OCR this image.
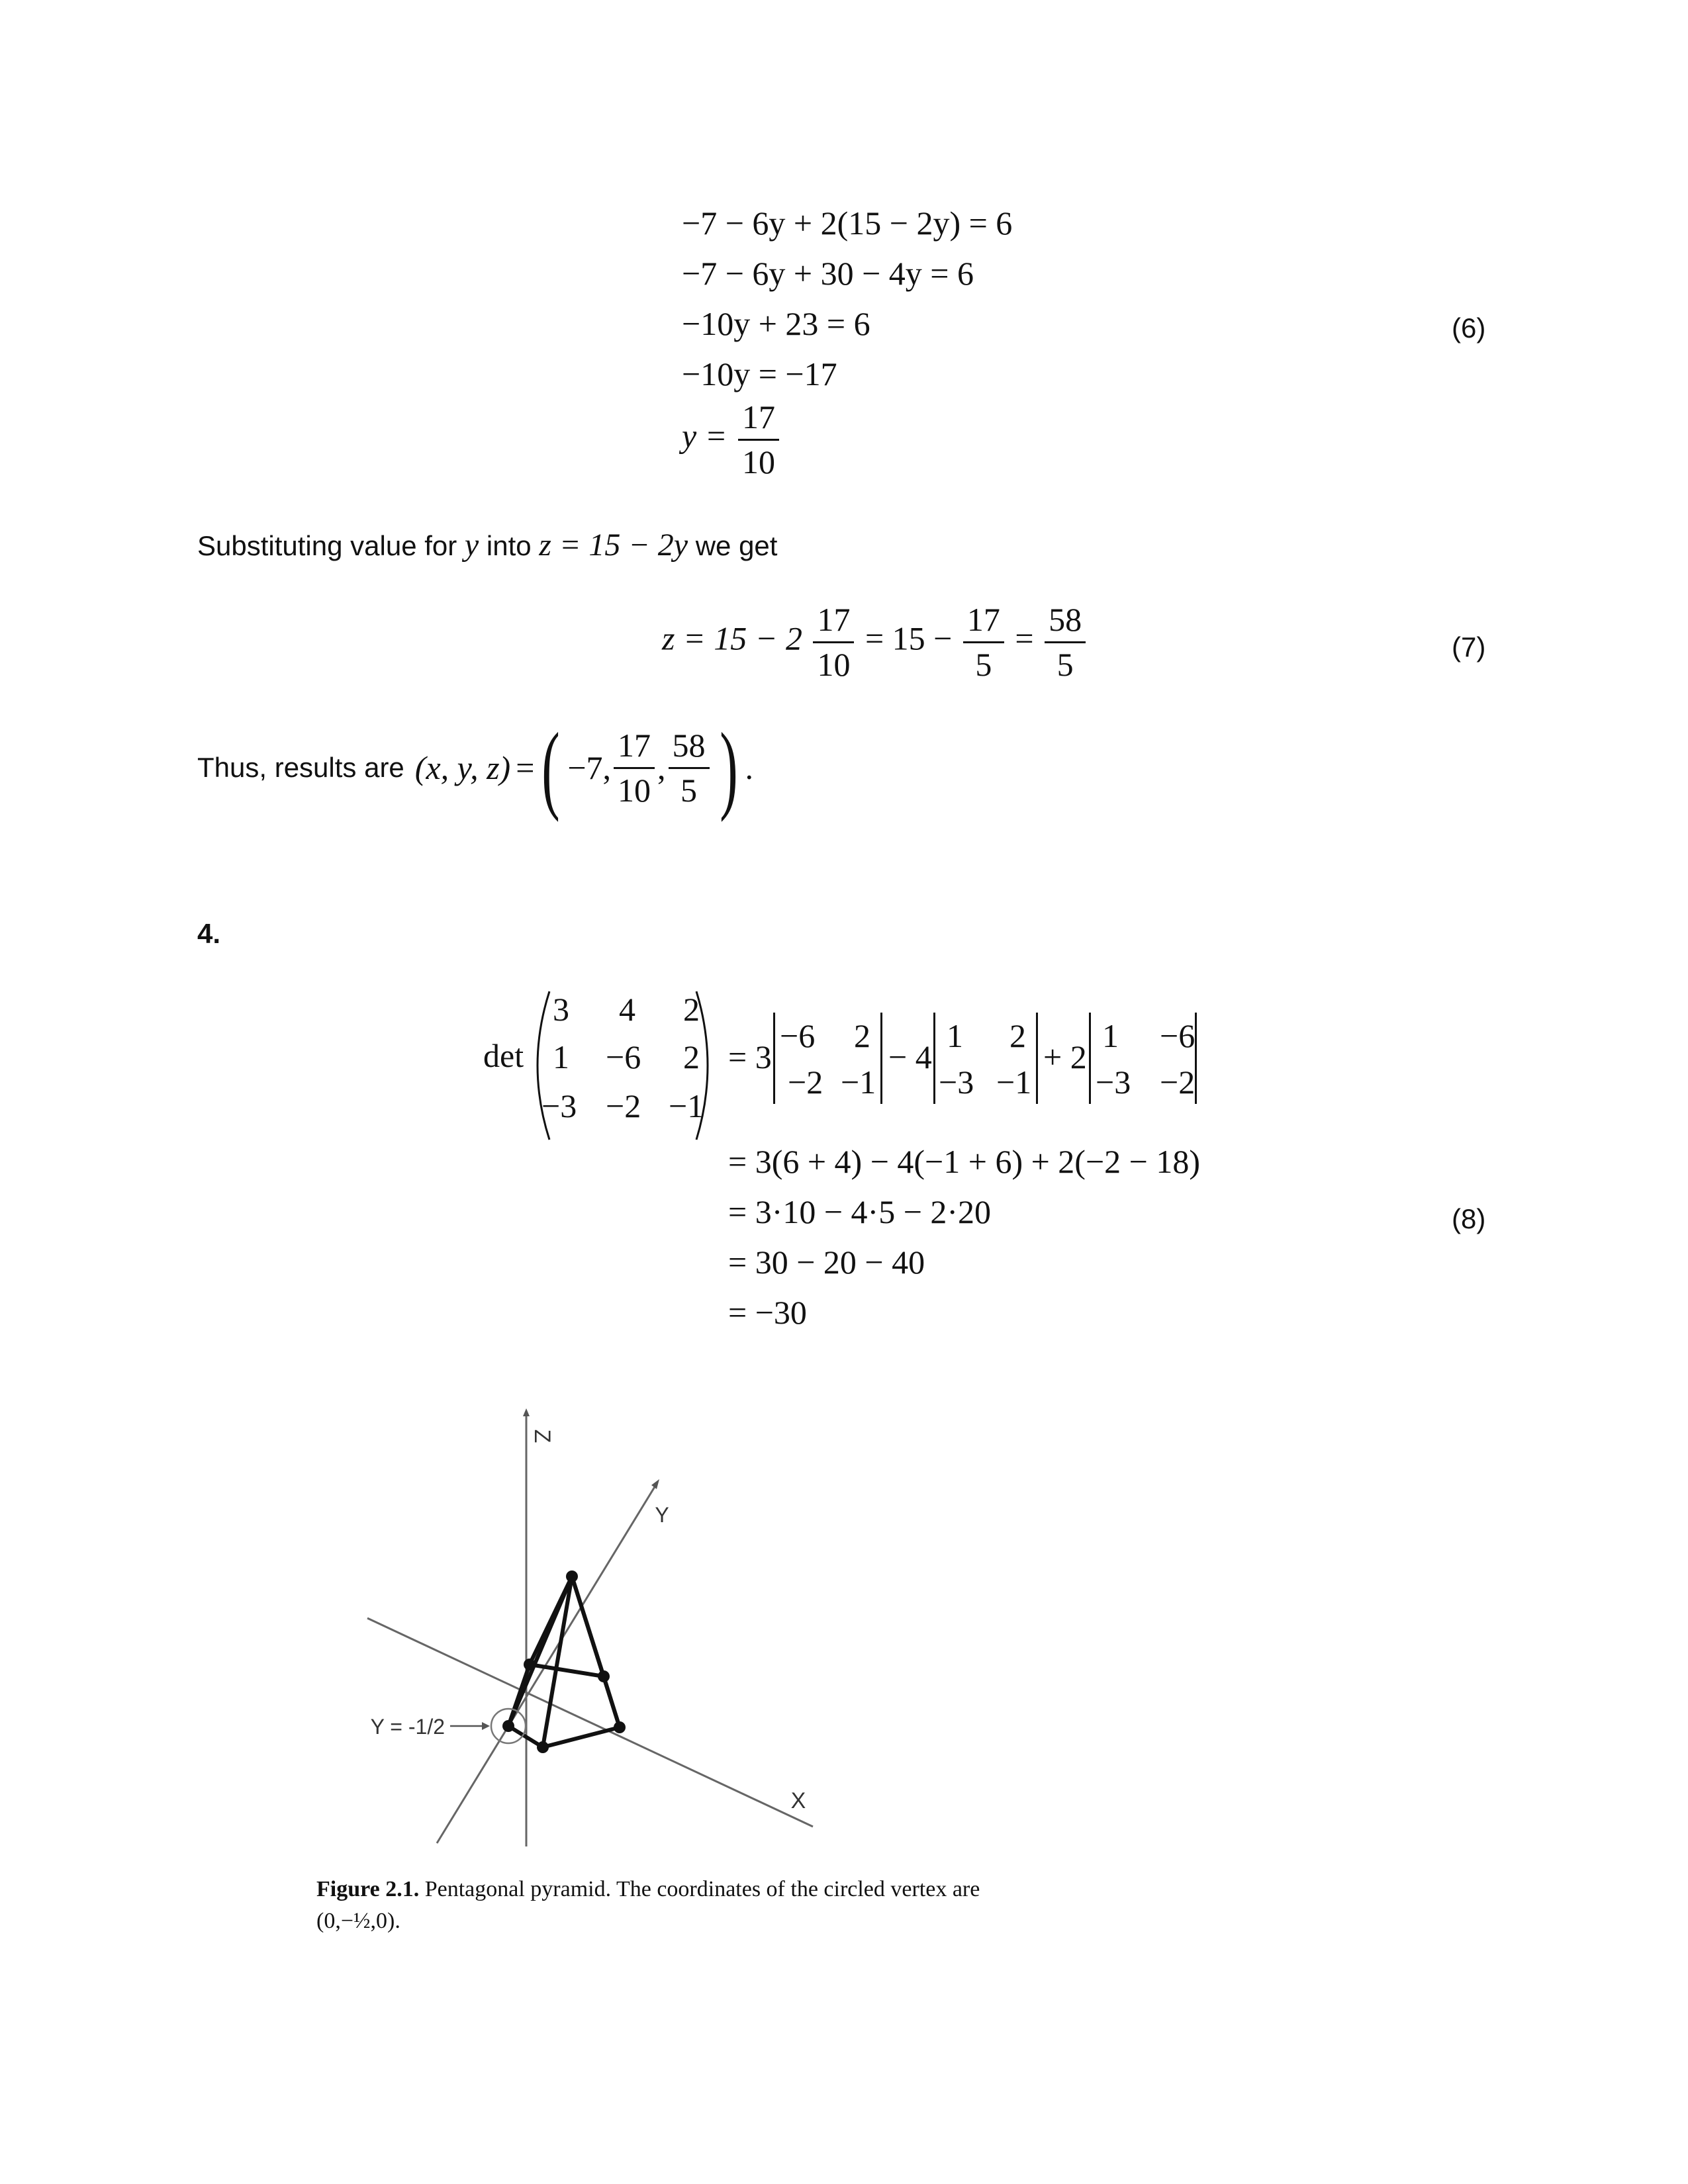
−7 − 6y + 2(15 − 2y) = 6
−7 − 6y + 30 − 4y = 6
−10y + 23 = 6
−10y = −17
$y = \frac{17}{10}$
(6)
Substituting value for y into z = 15 − 2y we get
$z = 15 - 2 \frac{17}{10} = 15 - \frac{17}{5} = \frac{58}{5}$	(7)
Thus, results are (x, y, z) = ( −7, $\frac{17}{10}$ , $\frac{58}{5}$ ) .
4.
det
3 4 2
1 −6 2
−3 −2 −1
= 3
−6 2
−2 −1
− 4
1 2
−3 −1
+ 2
1 −6
−3 −2
= 3(6 + 4) − 4(−1 + 6) + 2(−2 − 18)
= 3·10 − 4·5 − 2·20
= 30 − 20 − 40
= −30
(8)
Z
Y
X
Y = -1/2
Figure 2.1. Pentagonal pyramid. The coordinates of the circled vertex are
(0,−½,0).
